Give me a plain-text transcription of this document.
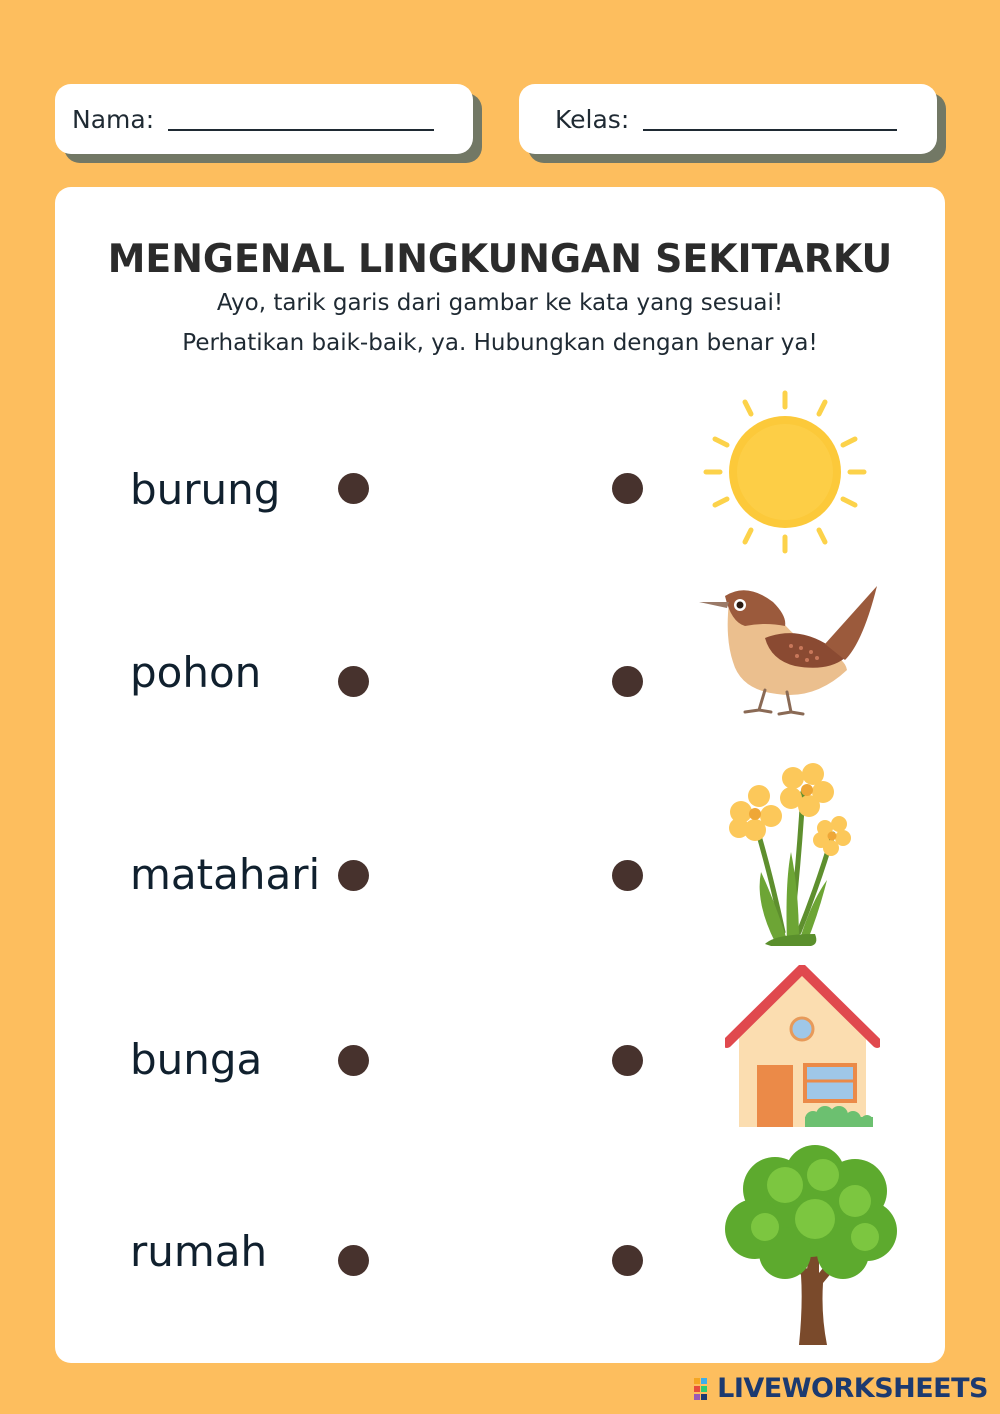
Nama:	Kelas:
MENGENAL LINGKUNGAN SEKITARKU
Ayo, tarik garis dari gambar ke kata yang sesuai!
Perhatikan baik-baik, ya. Hubungkan dengan benar ya!
burung
pohon
matahari
bunga
rumah
LIVEWORKSHEETS
